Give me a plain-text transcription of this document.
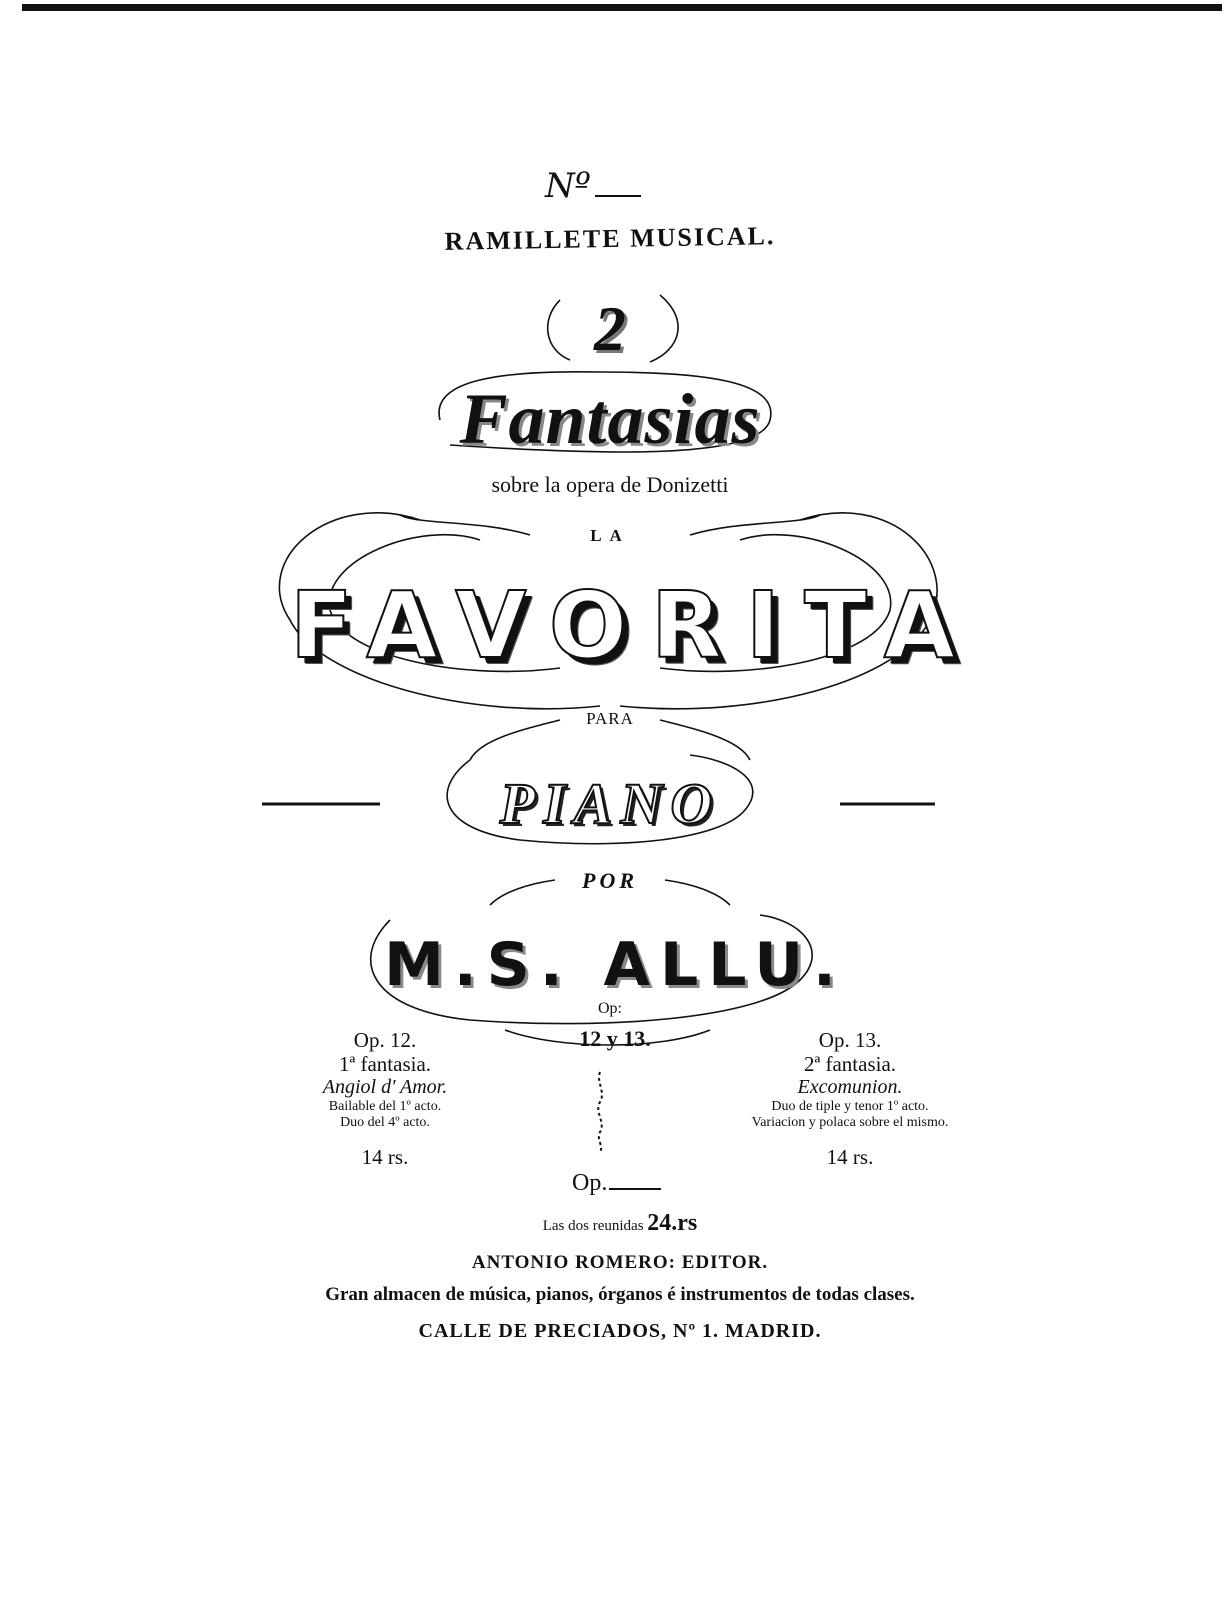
Nº
RAMILLETE MUSICAL.
2
Fantasias
sobre la opera de Donizetti
LA
FAVORITA
PARA
PIANO
POR
M.S. ALLU.
Op:
12 y 13.
Op. 12.
1ª fantasia.
Angiol d' Amor.
Bailable del 1º acto.
Duo del 4º acto.
14 rs.
Op. 13.
2ª fantasia.
Excomunion.
Duo de tiple y tenor 1º acto.
Variacion y polaca sobre el mismo.
14 rs.
Op.
Las dos reunidas 24.rs
ANTONIO ROMERO: EDITOR.
Gran almacen de música, pianos, órganos é instrumentos de todas clases.
CALLE DE PRECIADOS, Nº 1. MADRID.
